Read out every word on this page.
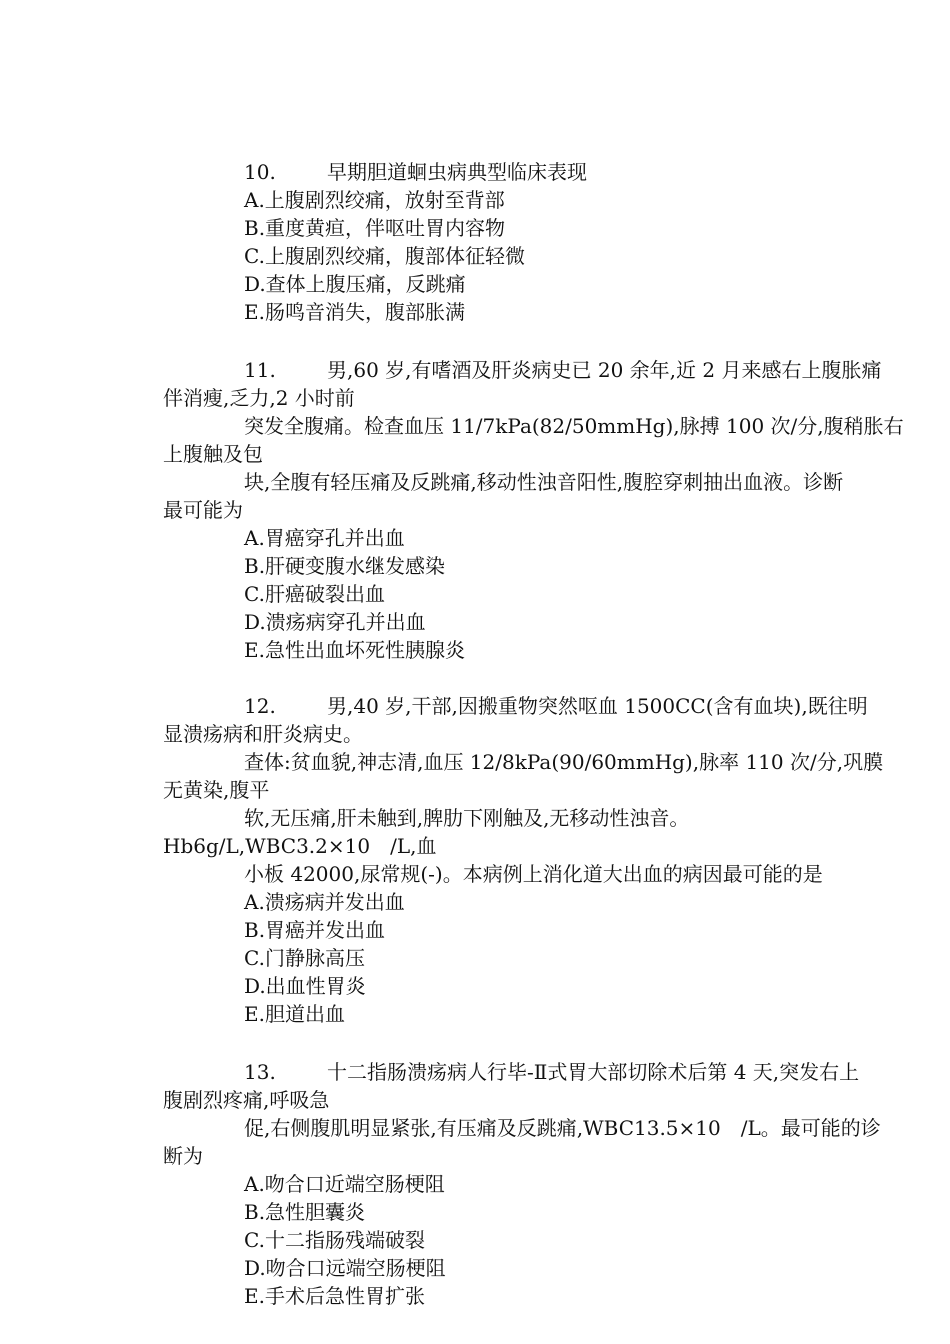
10.	早期胆道蛔虫病典型临床表现
A.上腹剧烈绞痛，放射至背部
B.重度黄疸，伴呕吐胃内容物
C.上腹剧烈绞痛，腹部体征轻微
D.查体上腹压痛，反跳痛
E.肠鸣音消失，腹部胀满
11.	男,60 岁,有嗜酒及肝炎病史已 20 余年,近 2 月来感右上腹胀痛
伴消瘦,乏力,2 小时前
突发全腹痛。检查血压 11/7kPa(82/50mmHg),脉搏 100 次/分,腹稍胀右
上腹触及包
块,全腹有轻压痛及反跳痛,移动性浊音阳性,腹腔穿刺抽出血液。诊断
最可能为
A.胃癌穿孔并出血
B.肝硬变腹水继发感染
C.肝癌破裂出血
D.溃疡病穿孔并出血
E.急性出血坏死性胰腺炎
12.	男,40 岁,干部,因搬重物突然呕血 1500CC(含有血块),既往明
显溃疡病和肝炎病史。
查体:贫血貌,神志清,血压 12/8kPa(90/60mmHg),脉率 110 次/分,巩膜
无黄染,腹平
软,无压痛,肝未触到,脾肋下刚触及,无移动性浊音。
Hb6g/L,WBC3.2×10　/L,血
小板 42000,尿常规(-)。本病例上消化道大出血的病因最可能的是
A.溃疡病并发出血
B.胃癌并发出血
C.门静脉高压
D.出血性胃炎
E.胆道出血
13.	十二指肠溃疡病人行毕-Ⅱ式胃大部切除术后第 4 天,突发右上
腹剧烈疼痛,呼吸急
促,右侧腹肌明显紧张,有压痛及反跳痛,WBC13.5×10　/L。最可能的诊
断为
A.吻合口近端空肠梗阻
B.急性胆囊炎
C.十二指肠残端破裂
D.吻合口远端空肠梗阻
E.手术后急性胃扩张
